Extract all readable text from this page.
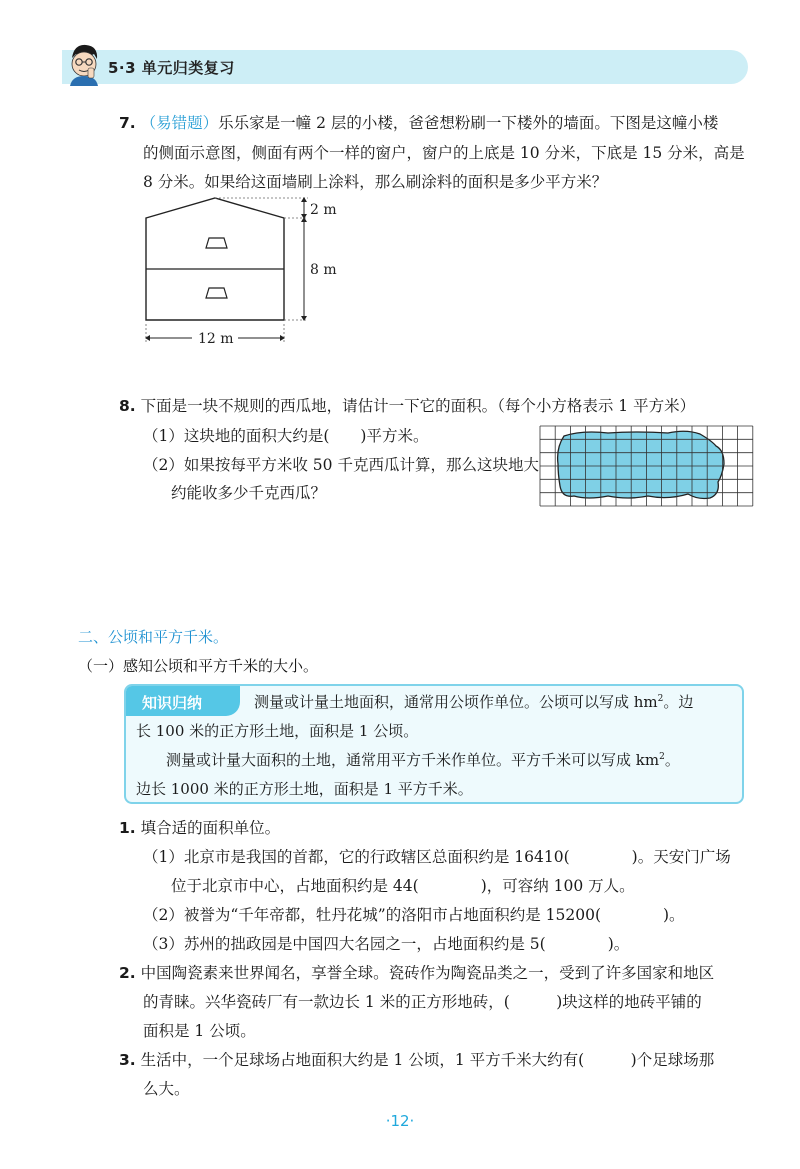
5·3 单元归类复习
7. （易错题）乐乐家是一幢 2 层的小楼，爸爸想粉刷一下楼外的墙面。下图是这幢小楼
的侧面示意图，侧面有两个一样的窗户，窗户的上底是 10 分米，下底是 15 分米，高是
8 分米。如果给这面墙刷上涂料，那么刷涂料的面积是多少平方米？
2 m
8 m
12 m
8. 下面是一块不规则的西瓜地，请估计一下它的面积。（每个小方格表示 1 平方米）
（1）这块地的面积大约是(　　)平方米。
（2）如果按每平方米收 50 千克西瓜计算，那么这块地大
约能收多少千克西瓜？
二、公顷和平方千米。
（一）感知公顷和平方千米的大小。
知识归纳	测量或计量土地面积，通常用公顷作单位。公顷可以写成 $hm^2$。边
长 100 米的正方形土地，面积是 1 公顷。
测量或计量大面积的土地，通常用平方千米作单位。平方千米可以写成 $km^2$。
边长 1000 米的正方形土地，面积是 1 平方千米。
1. 填合适的面积单位。
（1）北京市是我国的首都，它的行政辖区总面积约是 16410(　　　　)。天安门广场
位于北京市中心，占地面积约是 44(　　　　)，可容纳 100 万人。
（2）被誉为“千年帝都，牡丹花城”的洛阳市占地面积约是 15200(　　　　)。
（3）苏州的拙政园是中国四大名园之一，占地面积约是 5(　　　　)。
2. 中国陶瓷素来世界闻名，享誉全球。瓷砖作为陶瓷品类之一，受到了许多国家和地区
的青睐。兴华瓷砖厂有一款边长 1 米的正方形地砖，(　　　)块这样的地砖平铺的
面积是 1 公顷。
3. 生活中，一个足球场占地面积大约是 1 公顷，1 平方千米大约有(　　　)个足球场那
么大。
·12·
